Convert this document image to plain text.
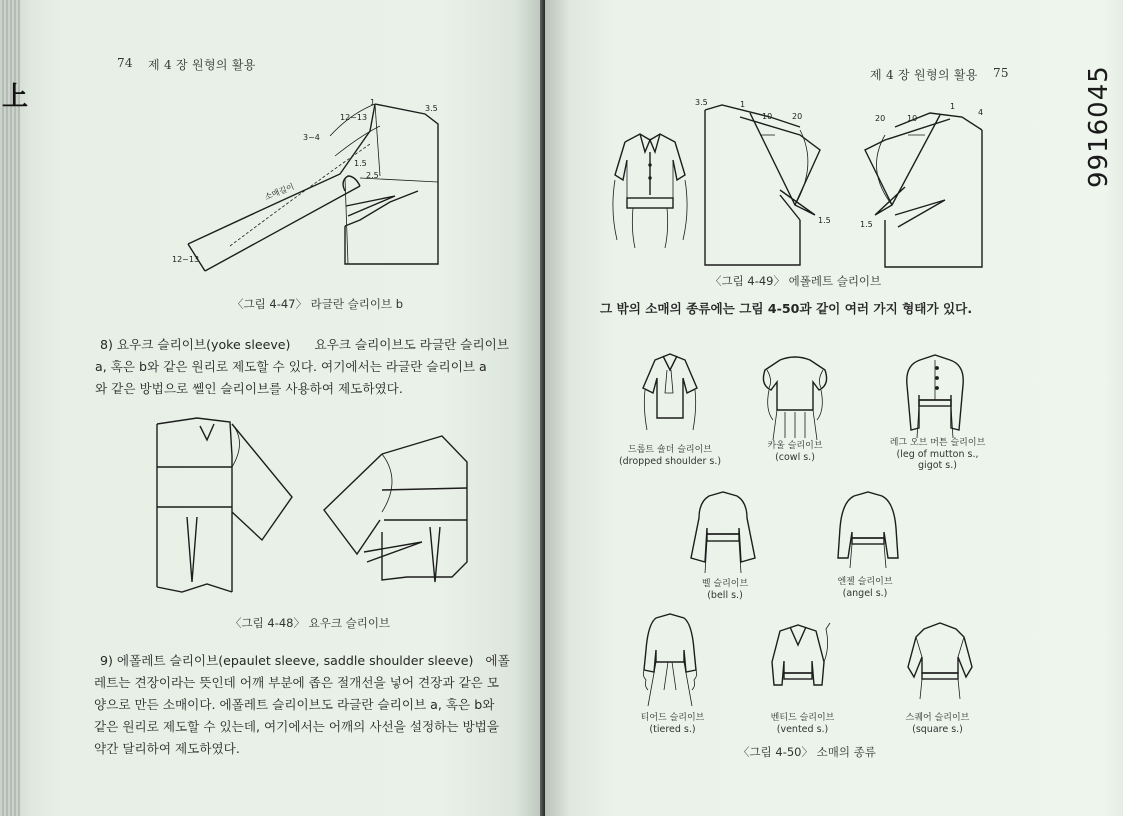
上
74 제 4 장 원형의 활용
12~13
1
3.5
3~4
1.5
2.5
소매길이
12~13
〈그림 4-47〉 라글란 슬리이브 b

8) 요우크 슬리이브(yoke sleeve) 요우크 슬리이브도 라글란 슬리이브

a, 혹은 b와 같은 원리로 제도할 수 있다. 여기에서는 라글란 슬리이브 a

와 같은 방법으로 쎌인 슬리이브를 사용하여 제도하였다.

〈그림 4-48〉 요우크 슬리이브

9) 에폴레트 슬리이브(epaulet sleeve, saddle shoulder sleeve) 에폴

레트는 견장이라는 뜻인데 어깨 부분에 좁은 절개선을 넣어 견장과 같은 모

양으로 만든 소매이다. 에폴레트 슬리이브도 라글란 슬리이브 a, 혹은 b와

같은 원리로 제도할 수 있는데, 여기에서는 어깨의 사선을 설정하는 방법을

약간 달리하여 제도하였다.

제 4 장 원형의 활용 75
3.5	1
10 20
1.5
20	10
1
4
1.5
〈그림 4-49〉 에폴레트 슬리이브
그 밖의 소매의 종류에는 그림 4-50과 같이 여러 가지 형태가 있다.
드롭트 숄더 슬리이브
(dropped shoulder s.)
카울 슬리이브
(cowl s.)
레그 오브 머튼 슬리이브
(leg of mutton s.,
gigot s.)
벨 슬리이브
(bell s.)
엔젤 슬리이브
(angel s.)
티어드 슬리이브
(tiered s.)
벤티드 슬리이브
(vented s.)
스퀘어 슬리이브
(square s.)
〈그림 4-50〉 소매의 종류
9916045
